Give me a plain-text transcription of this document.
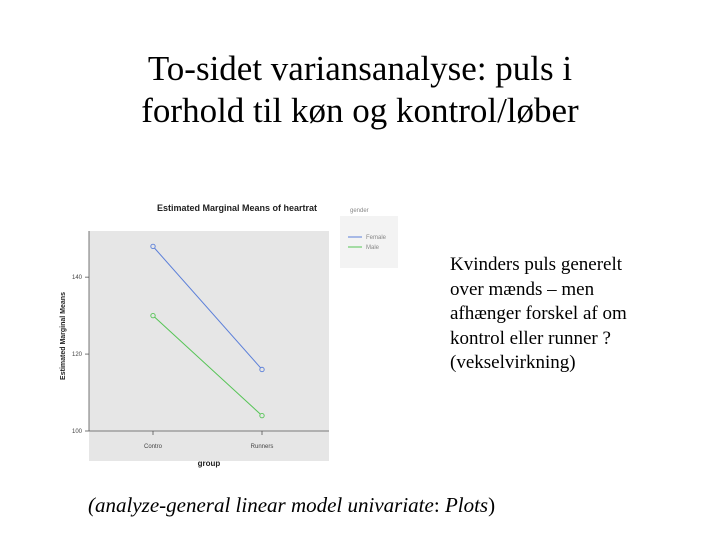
To-sidet variansanalyse: puls i
forhold til køn og kontrol/løber
Estimated Marginal Means of heartrat
Estimated Marginal Means
group
100
120
140
Contro	Runners
gender
Female
Male
Kvinders puls generelt
over mænds – men
afhænger forskel af om
kontrol eller runner ?
(vekselvirkning)
(analyze-general linear model univariate: Plots)
